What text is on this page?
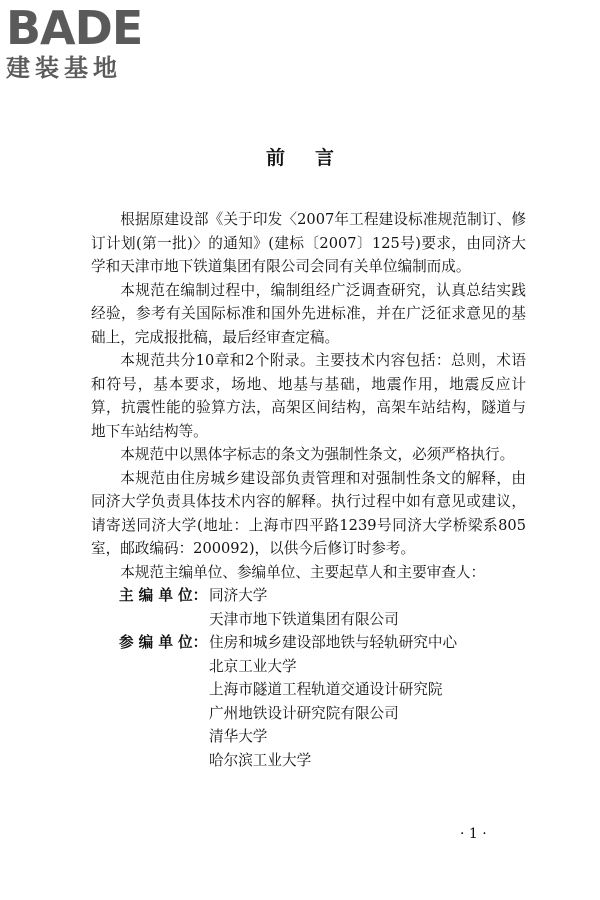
BADE
建装基地
前言

根据原建设部《关于印发〈2007年工程建设标准规范制订、修订计划(第一批)〉的通知》(建标〔2007〕125号)要求，由同济大学和天津市地下铁道集团有限公司会同有关单位编制而成。

本规范在编制过程中，编制组经广泛调查研究，认真总结实践经验，参考有关国际标准和国外先进标准，并在广泛征求意见的基础上，完成报批稿，最后经审查定稿。

本规范共分10章和2个附录。主要技术内容包括：总则，术语和符号，基本要求，场地、地基与基础，地震作用，地震反应计算，抗震性能的验算方法，高架区间结构，高架车站结构，隧道与地下车站结构等。

本规范中以黑体字标志的条文为强制性条文，必须严格执行。

本规范由住房城乡建设部负责管理和对强制性条文的解释，由同济大学负责具体技术内容的解释。执行过程中如有意见或建议，请寄送同济大学(地址：上海市四平路1239号同济大学桥梁系805室，邮政编码：200092)，以供今后修订时参考。

本规范主编单位、参编单位、主要起草人和主要审查人：

主 编 单 位： 同济大学
天津市地下铁道集团有限公司
参 编 单 位： 住房和城乡建设部地铁与轻轨研究中心
北京工业大学
上海市隧道工程轨道交通设计研究院
广州地铁设计研究院有限公司
清华大学
哈尔滨工业大学
· 1 ·
